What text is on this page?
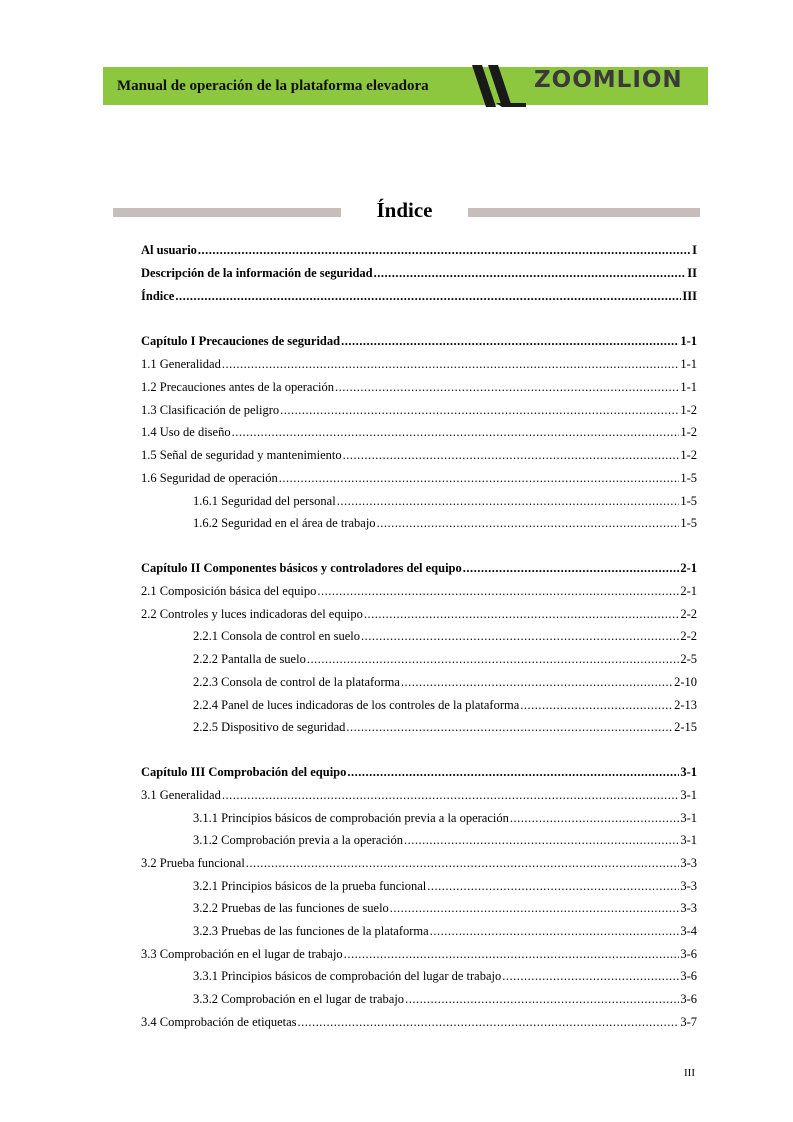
Manual de operación de la plataforma elevadora	ZOOMLION
Índice
Al usuario .....	I
Descripción de la información de seguridad .....	II
Índice .....	III
Capítulo I Precauciones de seguridad .....	1-1
1.1 Generalidad .....	1-1
1.2 Precauciones antes de la operación .....	1-1
1.3 Clasificación de peligro .....	1-2
1.4 Uso de diseño .....	1-2
1.5 Señal de seguridad y mantenimiento .....	1-2
1.6 Seguridad de operación .....	1-5
1.6.1 Seguridad del personal .....	1-5
1.6.2 Seguridad en el área de trabajo .....	1-5
Capítulo II Componentes básicos y controladores del equipo .....	2-1
2.1 Composición básica del equipo .....	2-1
2.2 Controles y luces indicadoras del equipo .....	2-2
2.2.1 Consola de control en suelo .....	2-2
2.2.2 Pantalla de suelo .....	2-5
2.2.3 Consola de control de la plataforma .....	2-10
2.2.4 Panel de luces indicadoras de los controles de la plataforma .....	2-13
2.2.5 Dispositivo de seguridad .....	2-15
Capítulo III Comprobación del equipo .....	3-1
3.1 Generalidad .....	3-1
3.1.1 Principios básicos de comprobación previa a la operación .....	3-1
3.1.2 Comprobación previa a la operación .....	3-1
3.2 Prueba funcional .....	3-3
3.2.1 Principios básicos de la prueba funcional .....	3-3
3.2.2 Pruebas de las funciones de suelo .....	3-3
3.2.3 Pruebas de las funciones de la plataforma .....	3-4
3.3 Comprobación en el lugar de trabajo .....	3-6
3.3.1 Principios básicos de comprobación del lugar de trabajo .....	3-6
3.3.2 Comprobación en el lugar de trabajo .....	3-6
3.4 Comprobación de etiquetas .....	3-7
III
